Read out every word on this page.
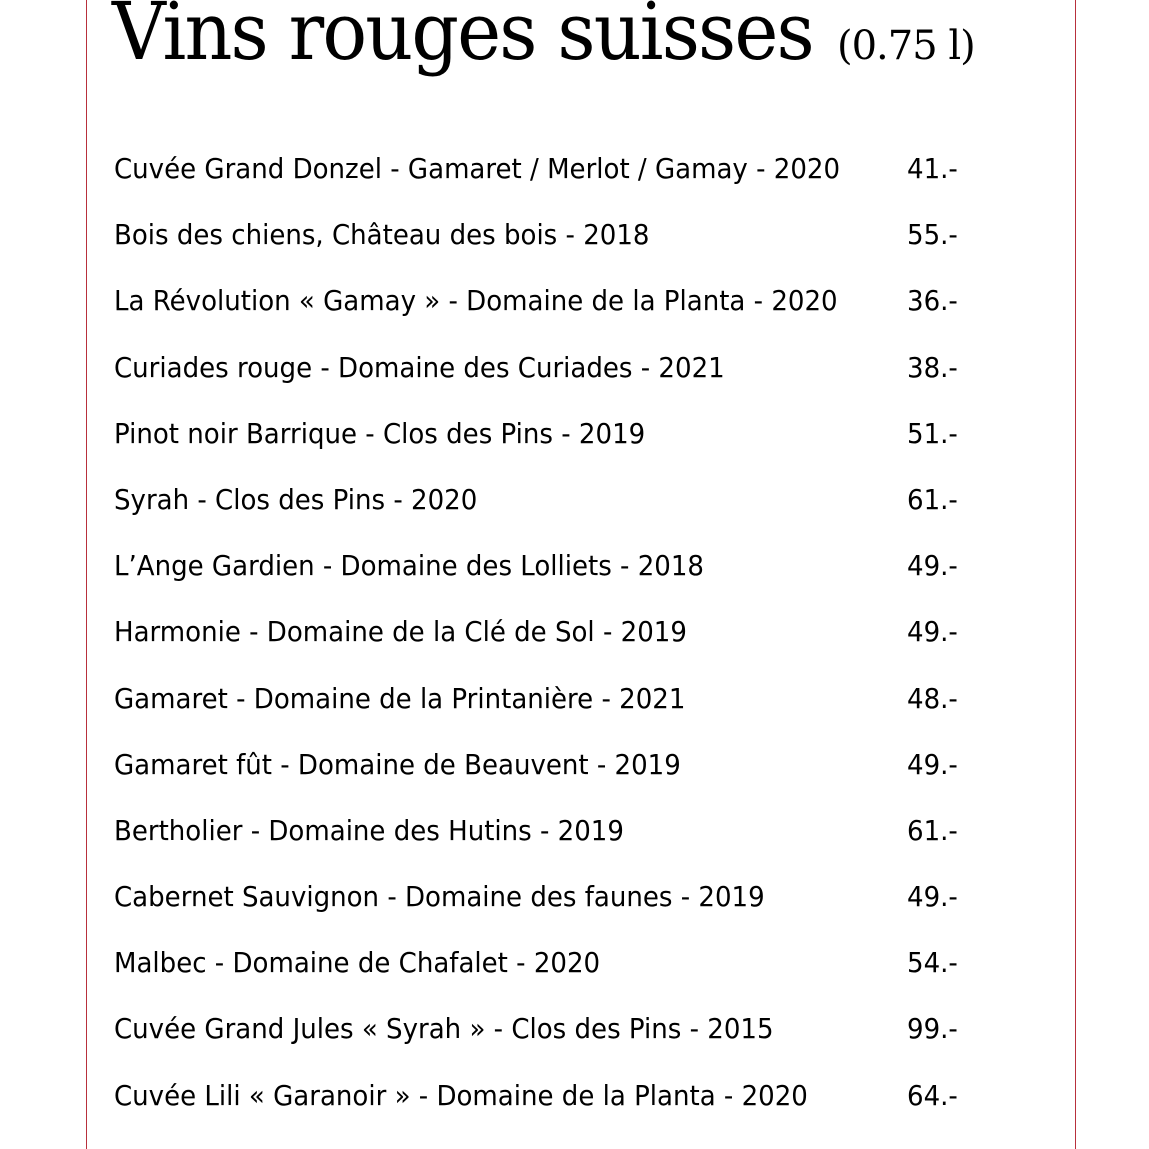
Vins rouges suisses (0.75 l)
Cuvée Grand Donzel - Gamaret / Merlot / Gamay - 2020 41.-
Bois des chiens, Château des bois - 2018	55.-
La Révolution « Gamay » - Domaine de la Planta - 2020 36.-
Curiades rouge - Domaine des Curiades - 2021	38.-
Pinot noir Barrique - Clos des Pins - 2019	51.-
Syrah - Clos des Pins - 2020	61.-
L’Ange Gardien - Domaine des Lolliets - 2018	49.-
Harmonie - Domaine de la Clé de Sol - 2019	49.-
Gamaret - Domaine de la Printanière - 2021	48.-
Gamaret fût - Domaine de Beauvent - 2019	49.-
Bertholier - Domaine des Hutins - 2019	61.-
Cabernet Sauvignon - Domaine des faunes - 2019	49.-
Malbec - Domaine de Chafalet - 2020	54.-
Cuvée Grand Jules « Syrah » - Clos des Pins - 2015	99.-
Cuvée Lili « Garanoir » - Domaine de la Planta - 2020	64.-
